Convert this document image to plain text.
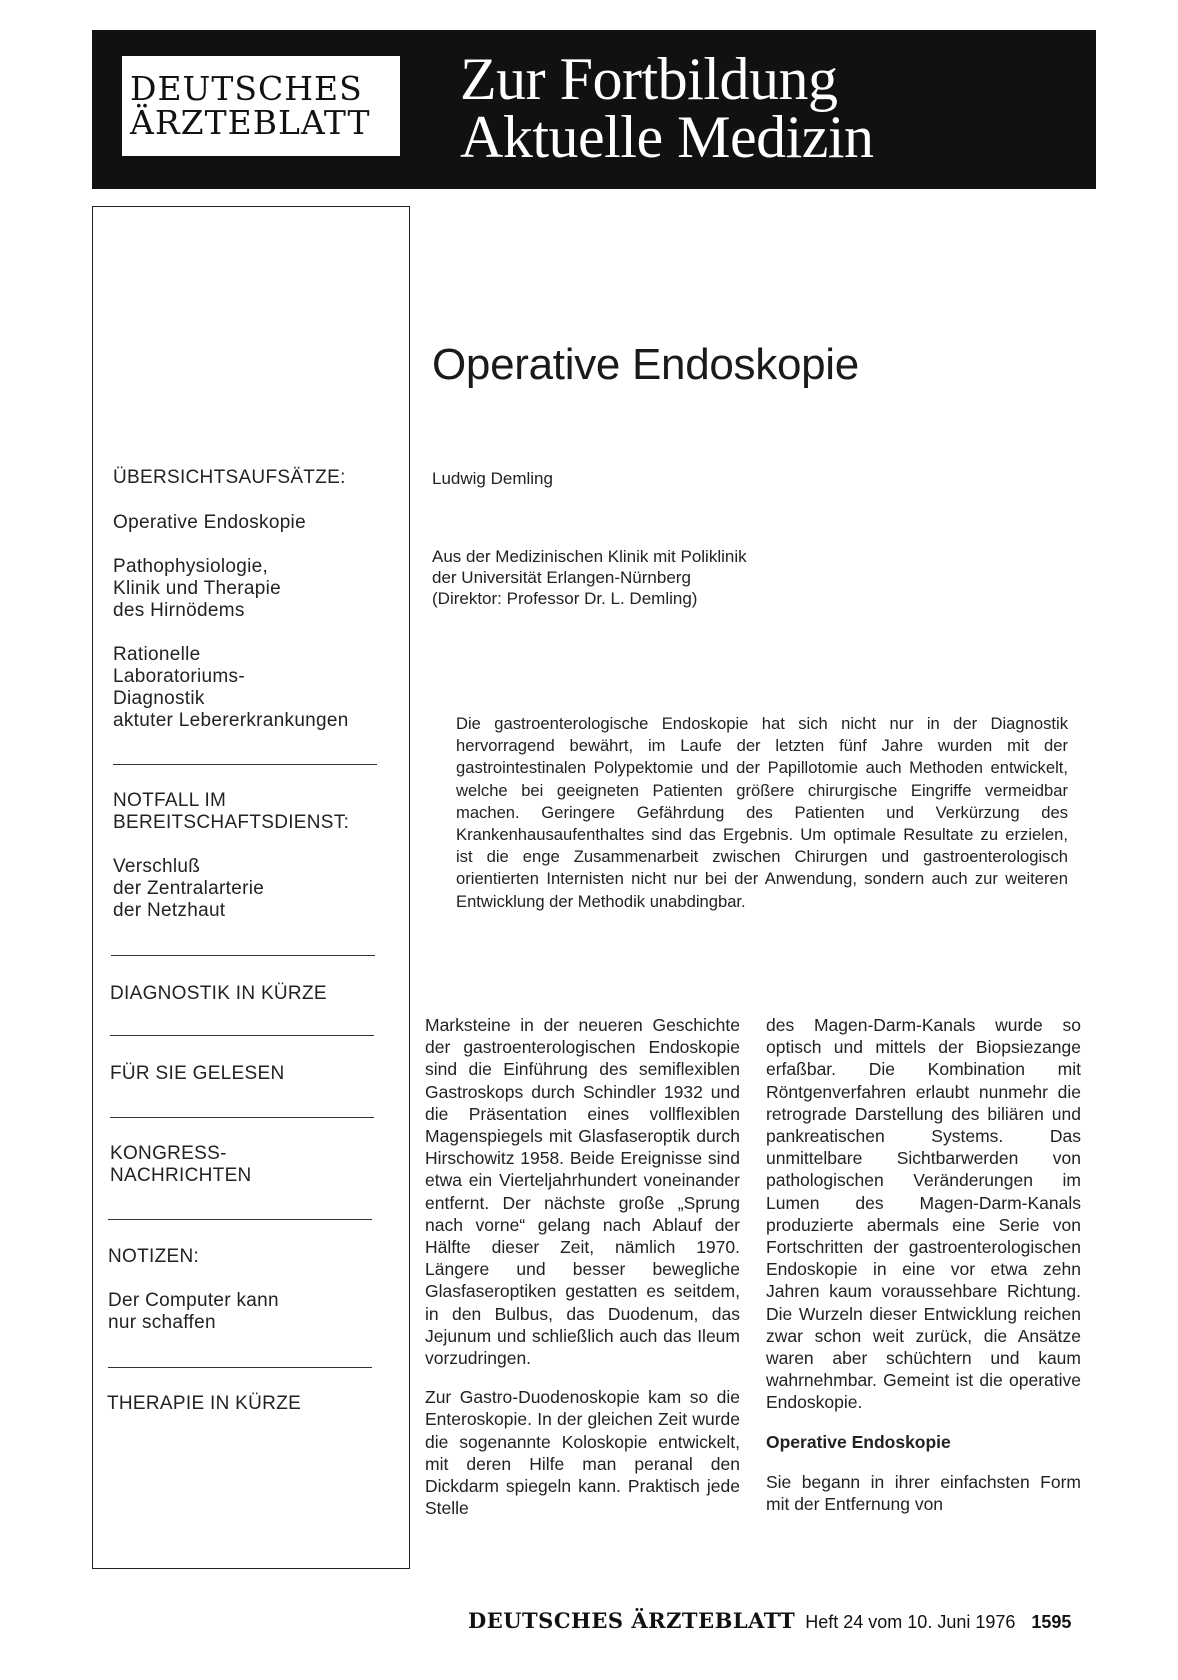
DEUTSCHES
ÄRZTEBLATT
Zur Fortbildung
Aktuelle Medizin
ÜBERSICHTSAUFSÄTZE:
Operative Endoskopie
Pathophysiologie,
Klinik und Therapie
des Hirnödems
Rationelle
Laboratoriums-
Diagnostik
aktuter Lebererkrankungen
NOTFALL IM
BEREITSCHAFTSDIENST:
Verschluß
der Zentralarterie
der Netzhaut
DIAGNOSTIK IN KÜRZE
FÜR SIE GELESEN
KONGRESS-
NACHRICHTEN
NOTIZEN:
Der Computer kann
nur schaffen
THERAPIE IN KÜRZE
Operative Endoskopie
Ludwig Demling
Aus der Medizinischen Klinik mit Poliklinik
der Universität Erlangen-Nürnberg
(Direktor: Professor Dr. L. Demling)
Die gastroenterologische Endoskopie hat sich nicht nur in der Diagnostik hervorragend bewährt, im Laufe der letzten fünf Jahre wurden mit der gastrointestinalen Polypektomie und der Papillotomie auch Methoden entwickelt, welche bei geeigneten Patienten größere chirurgische Eingriffe vermeidbar machen. Geringere Gefährdung des Patienten und Verkürzung des Krankenhausaufenthaltes sind das Ergebnis. Um optimale Resultate zu erzielen, ist die enge Zusammenarbeit zwischen Chirurgen und gastroenterologisch orientierten Internisten nicht nur bei der Anwendung, sondern auch zur weiteren Entwicklung der Methodik unabdingbar.

Marksteine in der neueren Geschichte der gastroenterologischen Endoskopie sind die Einführung des semiflexiblen Gastroskops durch Schindler 1932 und die Präsentation eines vollflexiblen Magenspiegels mit Glasfaseroptik durch Hirschowitz 1958. Beide Ereignisse sind etwa ein Vierteljahrhundert voneinander entfernt. Der nächste große „Sprung nach vorne“ gelang nach Ablauf der Hälfte dieser Zeit, nämlich 1970. Längere und besser bewegliche Glasfaseroptiken gestatten es seitdem, in den Bulbus, das Duodenum, das Jejunum und schließlich auch das Ileum vorzudringen.

Zur Gastro-Duodenoskopie kam so die Enteroskopie. In der gleichen Zeit wurde die sogenannte Koloskopie entwickelt, mit deren Hilfe man peranal den Dickdarm spiegeln kann. Praktisch jede Stelle

des Magen-Darm-Kanals wurde so optisch und mittels der Biopsiezange erfaßbar. Die Kombination mit Röntgenverfahren erlaubt nunmehr die retrograde Darstellung des biliären und pankreatischen Systems. Das unmittelbare Sichtbarwerden von pathologischen Veränderungen im Lumen des Magen-Darm-Kanals produzierte abermals eine Serie von Fortschritten der gastroenterologischen Endoskopie in eine vor etwa zehn Jahren kaum voraussehbare Richtung. Die Wurzeln dieser Entwicklung reichen zwar schon weit zurück, die Ansätze waren aber schüchtern und kaum wahrnehmbar. Gemeint ist die operative Endoskopie.

Operative Endoskopie

Sie begann in ihrer einfachsten Form mit der Entfernung von

DEUTSCHES ÄRZTEBLATT Heft 24 vom 10. Juni 1976 1595
